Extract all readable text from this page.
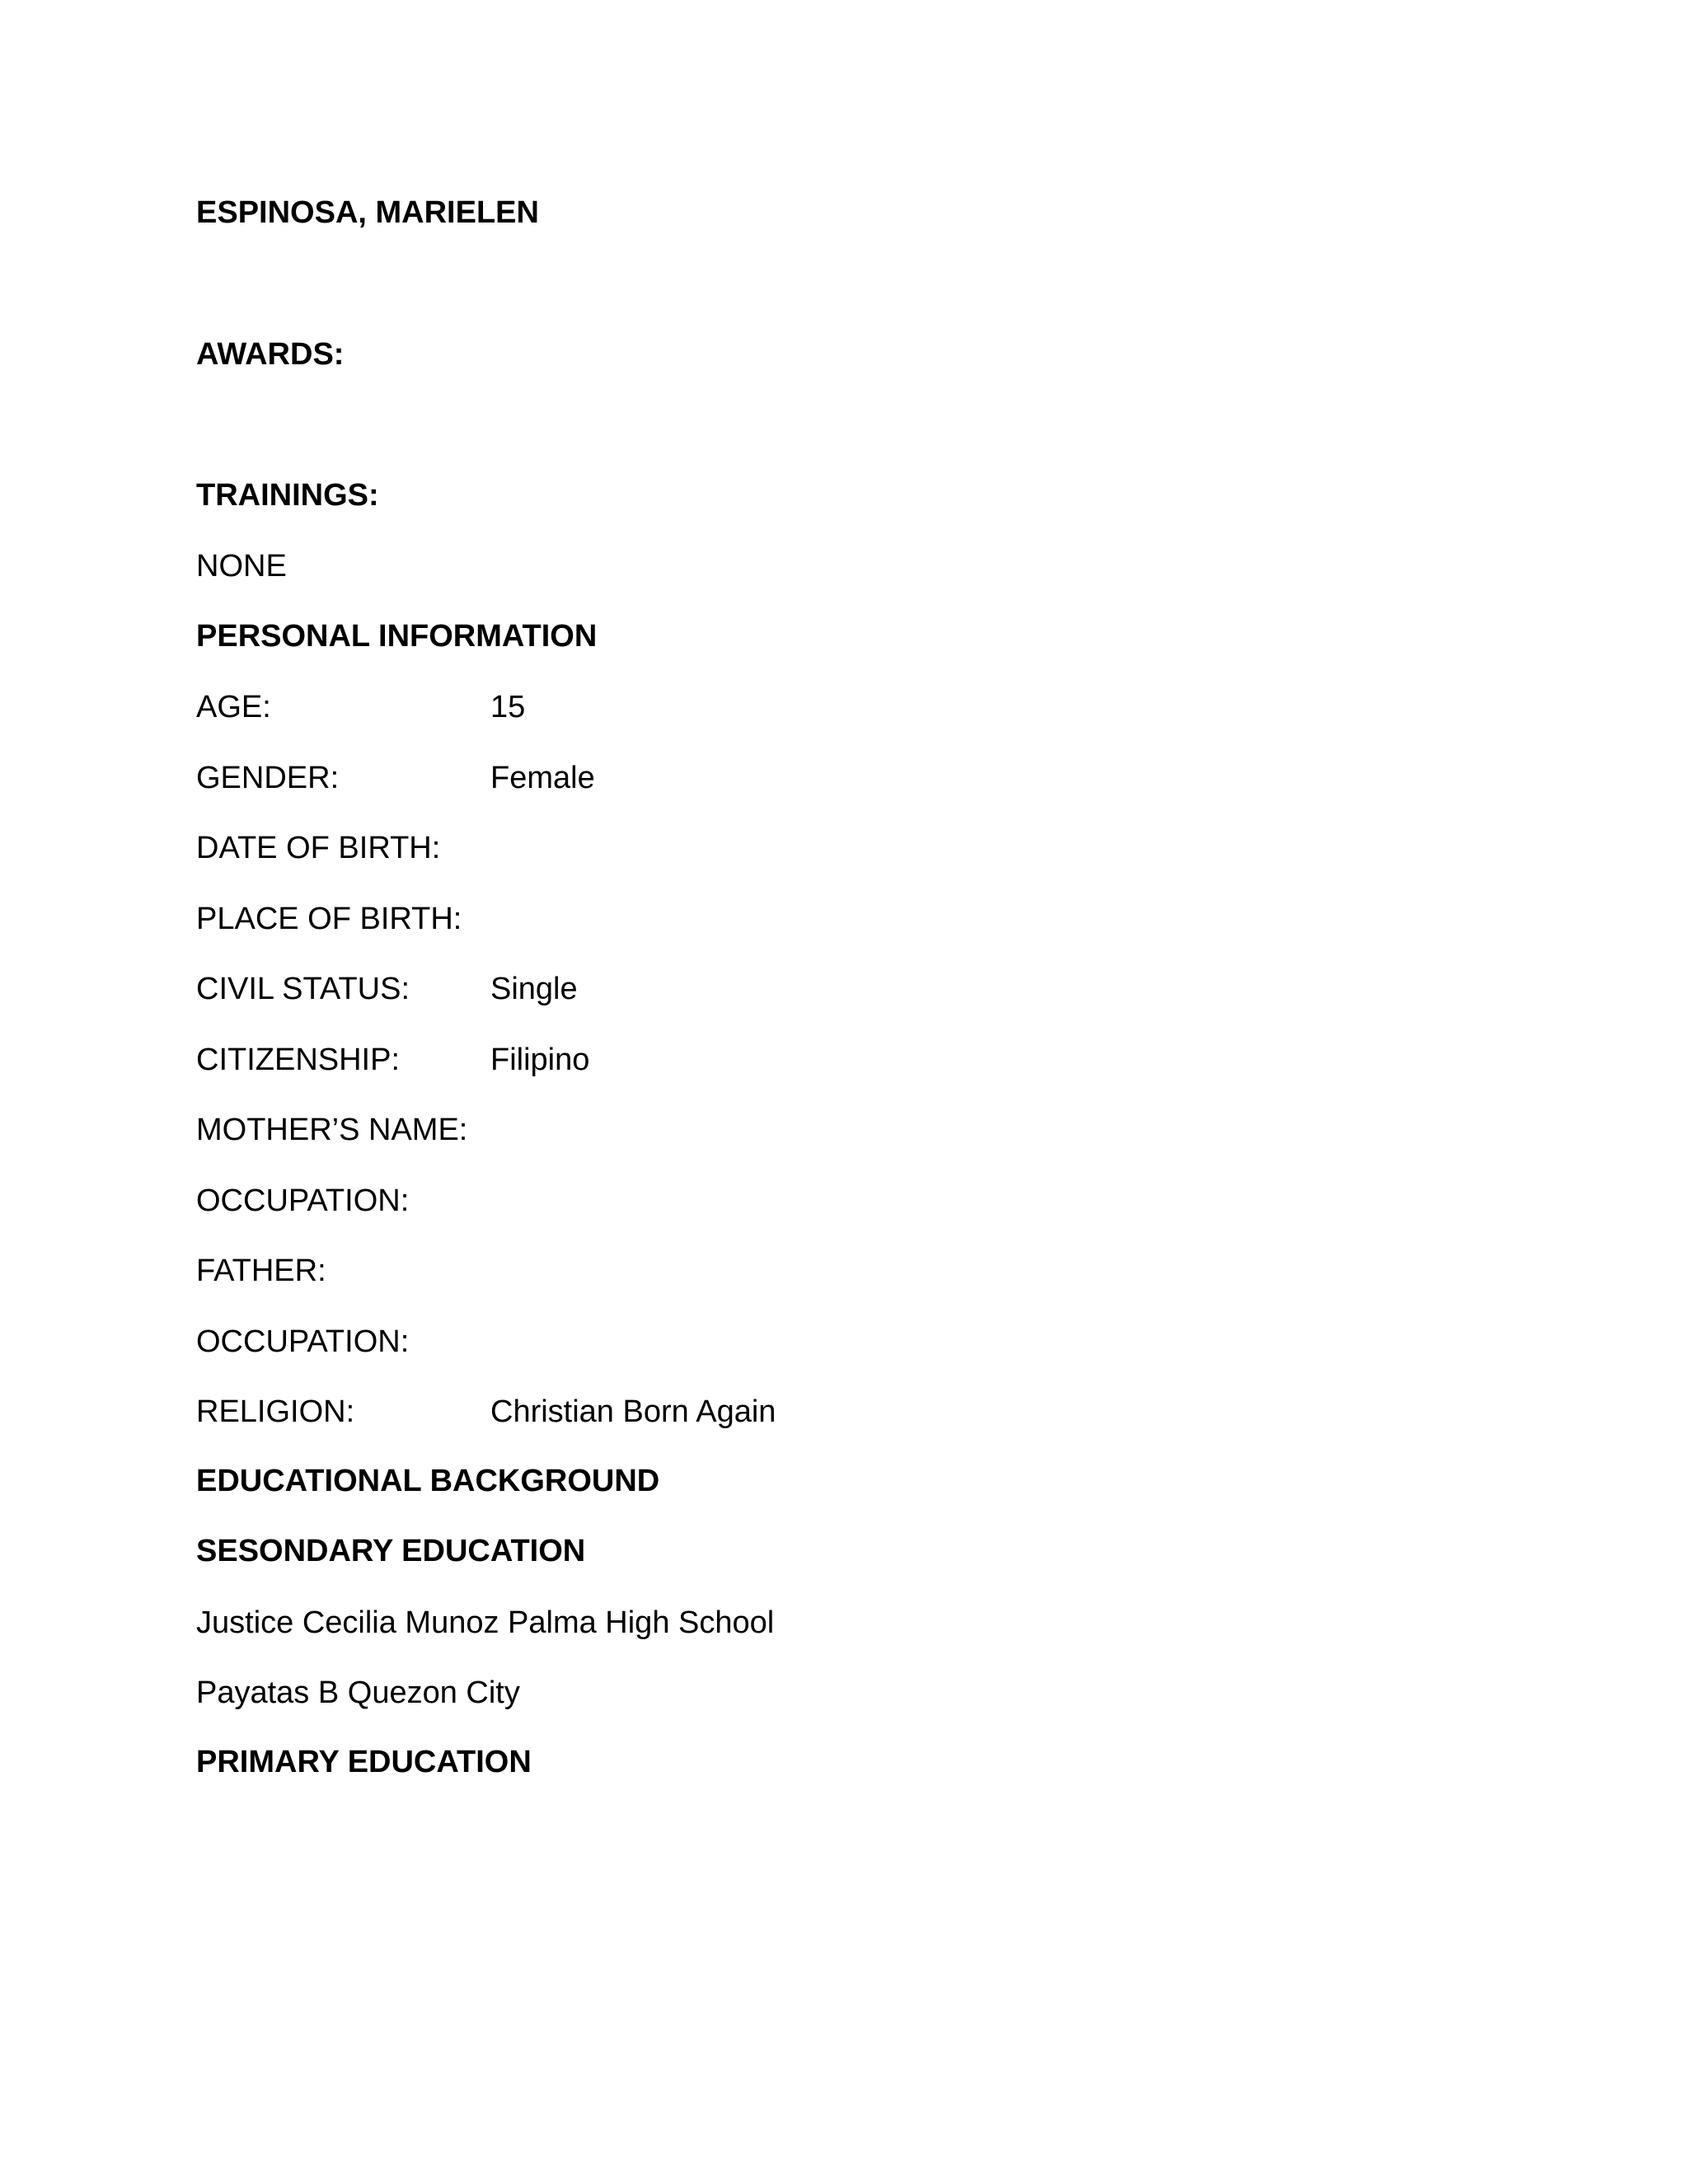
ESPINOSA, MARIELEN
AWARDS:
TRAININGS:
NONE
PERSONAL INFORMATION
AGE:	15
GENDER:	Female
DATE OF BIRTH:
PLACE OF BIRTH:
CIVIL STATUS:	Single
CITIZENSHIP:	Filipino
MOTHER’S NAME:
OCCUPATION:
FATHER:
OCCUPATION:
RELIGION:	Christian Born Again
EDUCATIONAL BACKGROUND
SESONDARY EDUCATION
Justice Cecilia Munoz Palma High School
Payatas B Quezon City
PRIMARY EDUCATION
